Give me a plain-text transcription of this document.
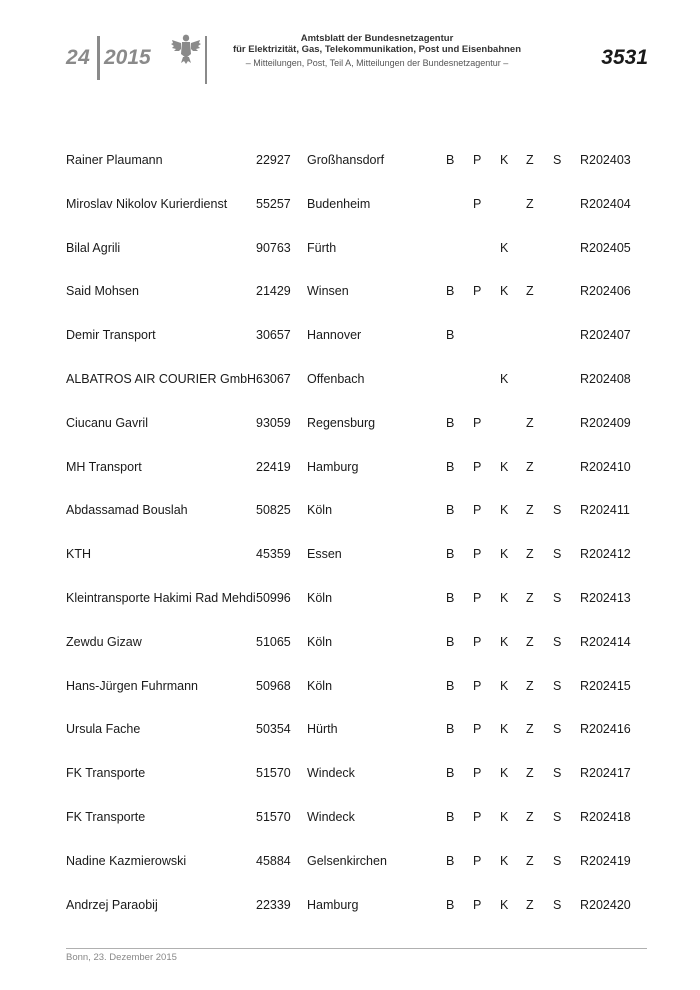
24 2015
Amtsblatt der Bundesnetzagentur
für Elektrizität, Gas, Telekommunikation, Post und Eisenbahnen
– Mitteilungen, Post, Teil A, Mitteilungen der Bundesnetzagentur –	3531
Rainer Plaumann	22927 Großhansdorf	B P K Z S R202403
Miroslav Nikolov Kurierdienst 55257 Budenheim	P	Z	R202404
Bilal Agrili	90763 Fürth	K	R202405
Said Mohsen	21429 Winsen	B P K Z	R202406
Demir Transport	30657 Hannover	B	R202407
ALBATROS AIR COURIER GmbH 63067 Offenbach	K	R202408
Ciucanu Gavril	93059 Regensburg	B P	Z	R202409
MH Transport	22419 Hamburg	B P K Z	R202410
Abdassamad Bouslah	50825 Köln	B P K Z S R202411
KTH	45359 Essen	B P K Z S R202412
Kleintransporte Hakimi Rad Mehdi 50996 Köln	B P K Z S R202413
Zewdu Gizaw	51065 Köln	B P K Z S R202414
Hans-Jürgen Fuhrmann	50968 Köln	B P K Z S R202415
Ursula Fache	50354 Hürth	B P K Z S R202416
FK Transporte	51570 Windeck	B P K Z S R202417
FK Transporte	51570 Windeck	B P K Z S R202418
Nadine Kazmierowski	45884 Gelsenkirchen	B P K Z S R202419
Andrzej Paraobij	22339 Hamburg	B P K Z S R202420
Bonn, 23. Dezember 2015
